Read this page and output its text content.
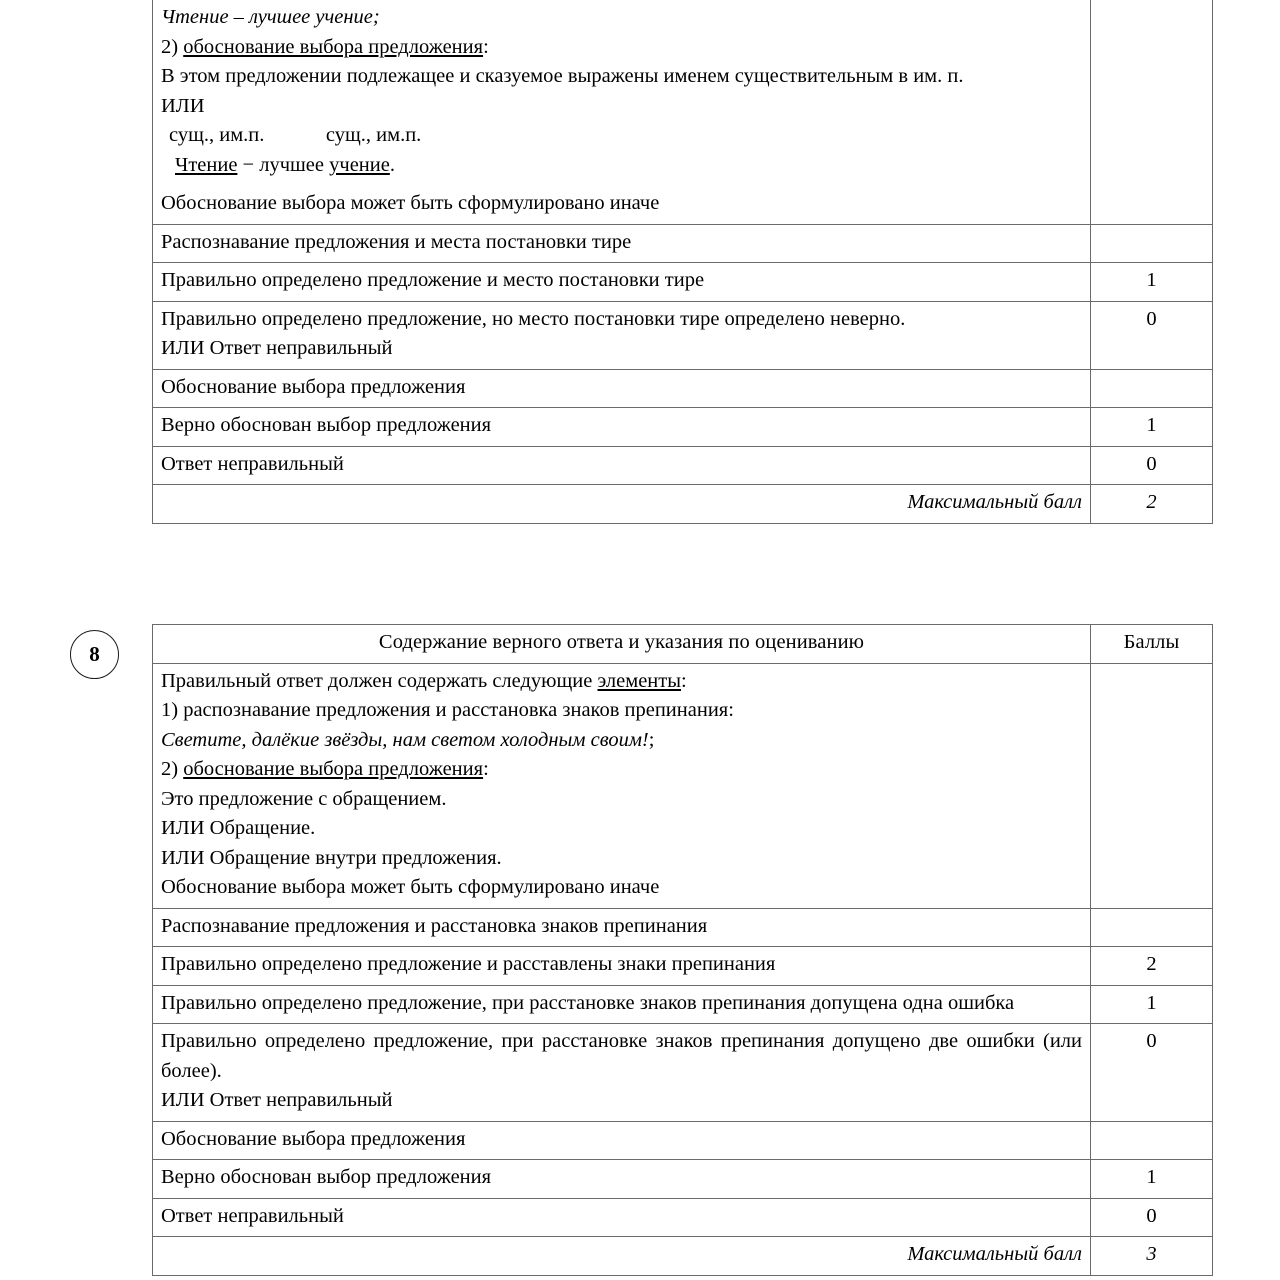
Чтение – лучшее учение;

2) обоснование выбора предложения:

В этом предложении подлежащее и сказуемое выражены именем существительным в им. п.

ИЛИ

сущ., им.п.            сущ., им.п.

Чтение − лучшее учение.

Обоснование выбора может быть сформулировано иначе

Распознавание предложения и места постановки тире	
Правильно определено предложение и место постановки тире	1

Правильно определено предложение, но место постановки тире определено неверно.

ИЛИ Ответ неправильный	0
Обоснование выбора предложения	
Верно обоснован выбор предложения	1
Ответ неправильный	0
Максимальный балл	2
8	Содержание верного ответа и указания по оцениванию	Баллы

Правильный ответ должен содержать следующие элементы:

1) распознавание предложения и расстановка знаков препинания:

Светите, далёкие звёзды, нам светом холодным своим!;

2) обоснование выбора предложения:

Это предложение с обращением.

ИЛИ Обращение.

ИЛИ Обращение внутри предложения.

Обоснование выбора может быть сформулировано иначе

Распознавание предложения и расстановка знаков препинания	
Правильно определено предложение и расставлены знаки препинания	2

Правильно определено предложение, при расстановке знаков препинания допущена одна ошибка	1

Правильно определено предложение, при расстановке знаков препинания допущено две ошибки (или более).

ИЛИ Ответ неправильный	0
Обоснование выбора предложения	
Верно обоснован выбор предложения	1
Ответ неправильный	0
Максимальный балл	3
